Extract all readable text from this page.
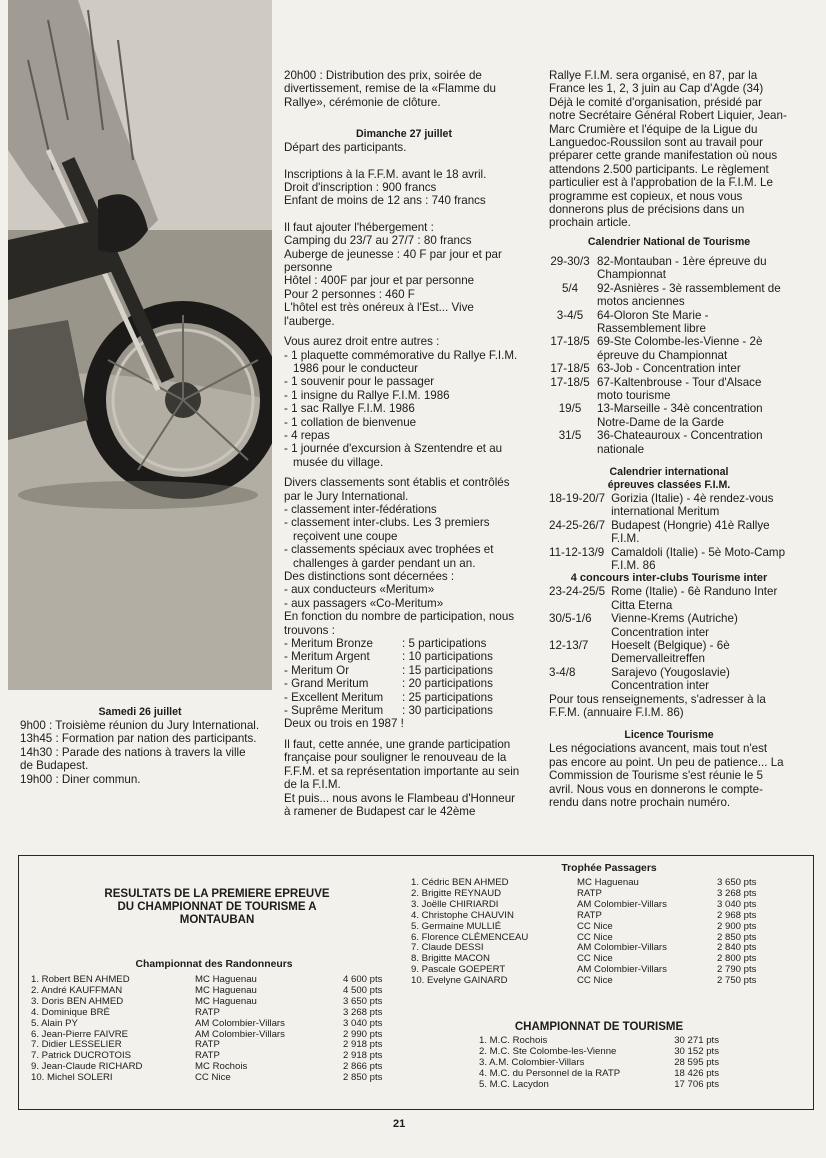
Samedi 26 juillet

9h00 : Troisième réunion du Jury International.

13h45 : Formation par nation des participants.

14h30 : Parade des nations à travers la ville de Budapest.

19h00 : Diner commun.

20h00 : Distribution des prix, soirée de divertissement, remise de la «Flamme du Rallye», cérémonie de clôture.

Dimanche 27 juillet

Départ des participants.

Inscriptions à la F.F.M. avant le 18 avril.

Droit d'inscription : 900 francs

Enfant de moins de 12 ans : 740 francs

Il faut ajouter l'hébergement :

Camping du 23/7 au 27/7 : 80 francs

Auberge de jeunesse : 40 F par jour et par personne

Hôtel : 400F par jour et par personne

Pour 2 personnes : 460 F

L'hôtel est très onéreux à l'Est... Vive l'auberge.

Vous aurez droit entre autres :

- 1 plaquette commémorative du Rallye F.I.M. 1986 pour le conducteur

- 1 souvenir pour le passager

- 1 insigne du Rallye F.I.M. 1986

- 1 sac Rallye F.I.M. 1986

- 1 collation de bienvenue

- 4 repas

- 1 journée d'excursion à Szentendre et au musée du village.

Divers classements sont établis et contrôlés par le Jury International.

- classement inter-fédérations

- classement inter-clubs. Les 3 premiers reçoivent une coupe

- classements spéciaux avec trophées et challenges à garder pendant un an.

Des distinctions sont décernées :

- aux conducteurs «Meritum»

- aux passagers «Co-Meritum»

En fonction du nombre de participation, nous trouvons :

- Meritum Bronze	: 5 participations
- Meritum Argent	: 10 participations
- Meritum Or	: 15 participations
- Grand Meritum	: 20 participations
- Excellent Meritum	: 25 participations
- Suprême Meritum	: 30 participations

Deux ou trois en 1987 !

Il faut, cette année, une grande participation française pour souligner le renouveau de la F.F.M. et sa représentation importante au sein de la F.I.M.

Et puis... nous avons le Flambeau d'Honneur à ramener de Budapest car le 42ème

Rallye F.I.M. sera organisé, en 87, par la France les 1, 2, 3 juin au Cap d'Agde (34) Déjà le comité d'organisation, présidé par notre Secrétaire Général Robert Liquier, Jean-Marc Crumière et l'équipe de la Ligue du Languedoc-Roussilon sont au travail pour préparer cette grande manifestation où nous attendons 2.500 participants. Le règlement particulier est à l'approbation de la F.I.M. Le programme est copieux, et nous vous donnerons plus de précisions dans un prochain article.

Calendrier National de Tourisme

29-30/3	82-Montauban - 1ère épreuve du Championnat
5/4	92-Asnières - 3è rassemblement de motos anciennes
3-4/5	64-Oloron Ste Marie - Rassemblement libre
17-18/5	69-Ste Colombe-les-Vienne - 2è épreuve du Championnat
17-18/5	63-Job - Concentration inter
17-18/5	67-Kaltenbrouse - Tour d'Alsace moto tourisme
19/5	13-Marseille - 34è concentration Notre-Dame de la Garde
31/5	36-Chateauroux - Concentration nationale

Calendrier international

épreuves classées F.I.M.

18-19-20/7	Gorizia (Italie) - 4è rendez-vous international Meritum
24-25-26/7	Budapest (Hongrie) 41è Rallye F.I.M.
11-12-13/9	Camaldoli (Italie) - 5è Moto-Camp F.I.M. 86

4 concours inter-clubs Tourisme inter

23-24-25/5	Rome (Italie) - 6è Randuno Inter Citta Eterna
30/5-1/6	Vienne-Krems (Autriche) Concentration inter
12-13/7	Hoeselt (Belgique) - 6è Demervalleitreffen
3-4/8	Sarajevo (Yougoslavie) Concentration inter

Pour tous renseignements, s'adresser à la F.F.M. (annuaire F.I.M. 86)

Licence Tourisme

Les négociations avancent, mais tout n'est pas encore au point. Un peu de patience... La Commission de Tourisme s'est réunie le 5 avril. Nous vous en donnerons le compte-rendu dans notre prochain numéro.

RESULTATS DE LA PREMIERE EPREUVE DU CHAMPIONNAT DE TOURISME A MONTAUBAN
Championnat des Randonneurs
1. Robert BEN AHMED	MC Haguenau	4 600 pts
2. André KAUFFMAN	MC Haguenau	4 500 pts
3. Doris BEN AHMED	MC Haguenau	3 650 pts
4. Dominique BRÉ	RATP	3 268 pts
5. Alain PY	AM Colombier-Villars	3 040 pts
6. Jean-Pierre FAIVRE	AM Colombier-Villars	2 990 pts
7. Didier LESSELIER	RATP	2 918 pts
7. Patrick DUCROTOIS	RATP	2 918 pts
9. Jean-Claude RICHARD	MC Rochois	2 866 pts
10. Michel SOLERI	CC Nice	2 850 pts
Trophée Passagers
1. Cédric BEN AHMED	MC Haguenau	3 650 pts
2. Brigitte REYNAUD	RATP	3 268 pts
3. Joëlle CHIRIARDI	AM Colombier-Villars	3 040 pts
4. Christophe CHAUVIN	RATP	2 968 pts
5. Germaine MULLIÉ	CC Nice	2 900 pts
6. Florence CLÉMENCEAU	CC Nice	2 850 pts
7. Claude DESSI	AM Colombier-Villars	2 840 pts
8. Brigitte MACON	CC Nice	2 800 pts
9. Pascale GOEPERT	AM Colombier-Villars	2 790 pts
10. Evelyne GAINARD	CC Nice	2 750 pts
CHAMPIONNAT DE TOURISME
1. M.C. Rochois	30 271 pts
2. M.C. Ste Colombe-les-Vienne	30 152 pts
3. A.M. Colombier-Villars	28 595 pts
4. M.C. du Personnel de la RATP	18 426 pts
5. M.C. Lacydon	17 706 pts
21
